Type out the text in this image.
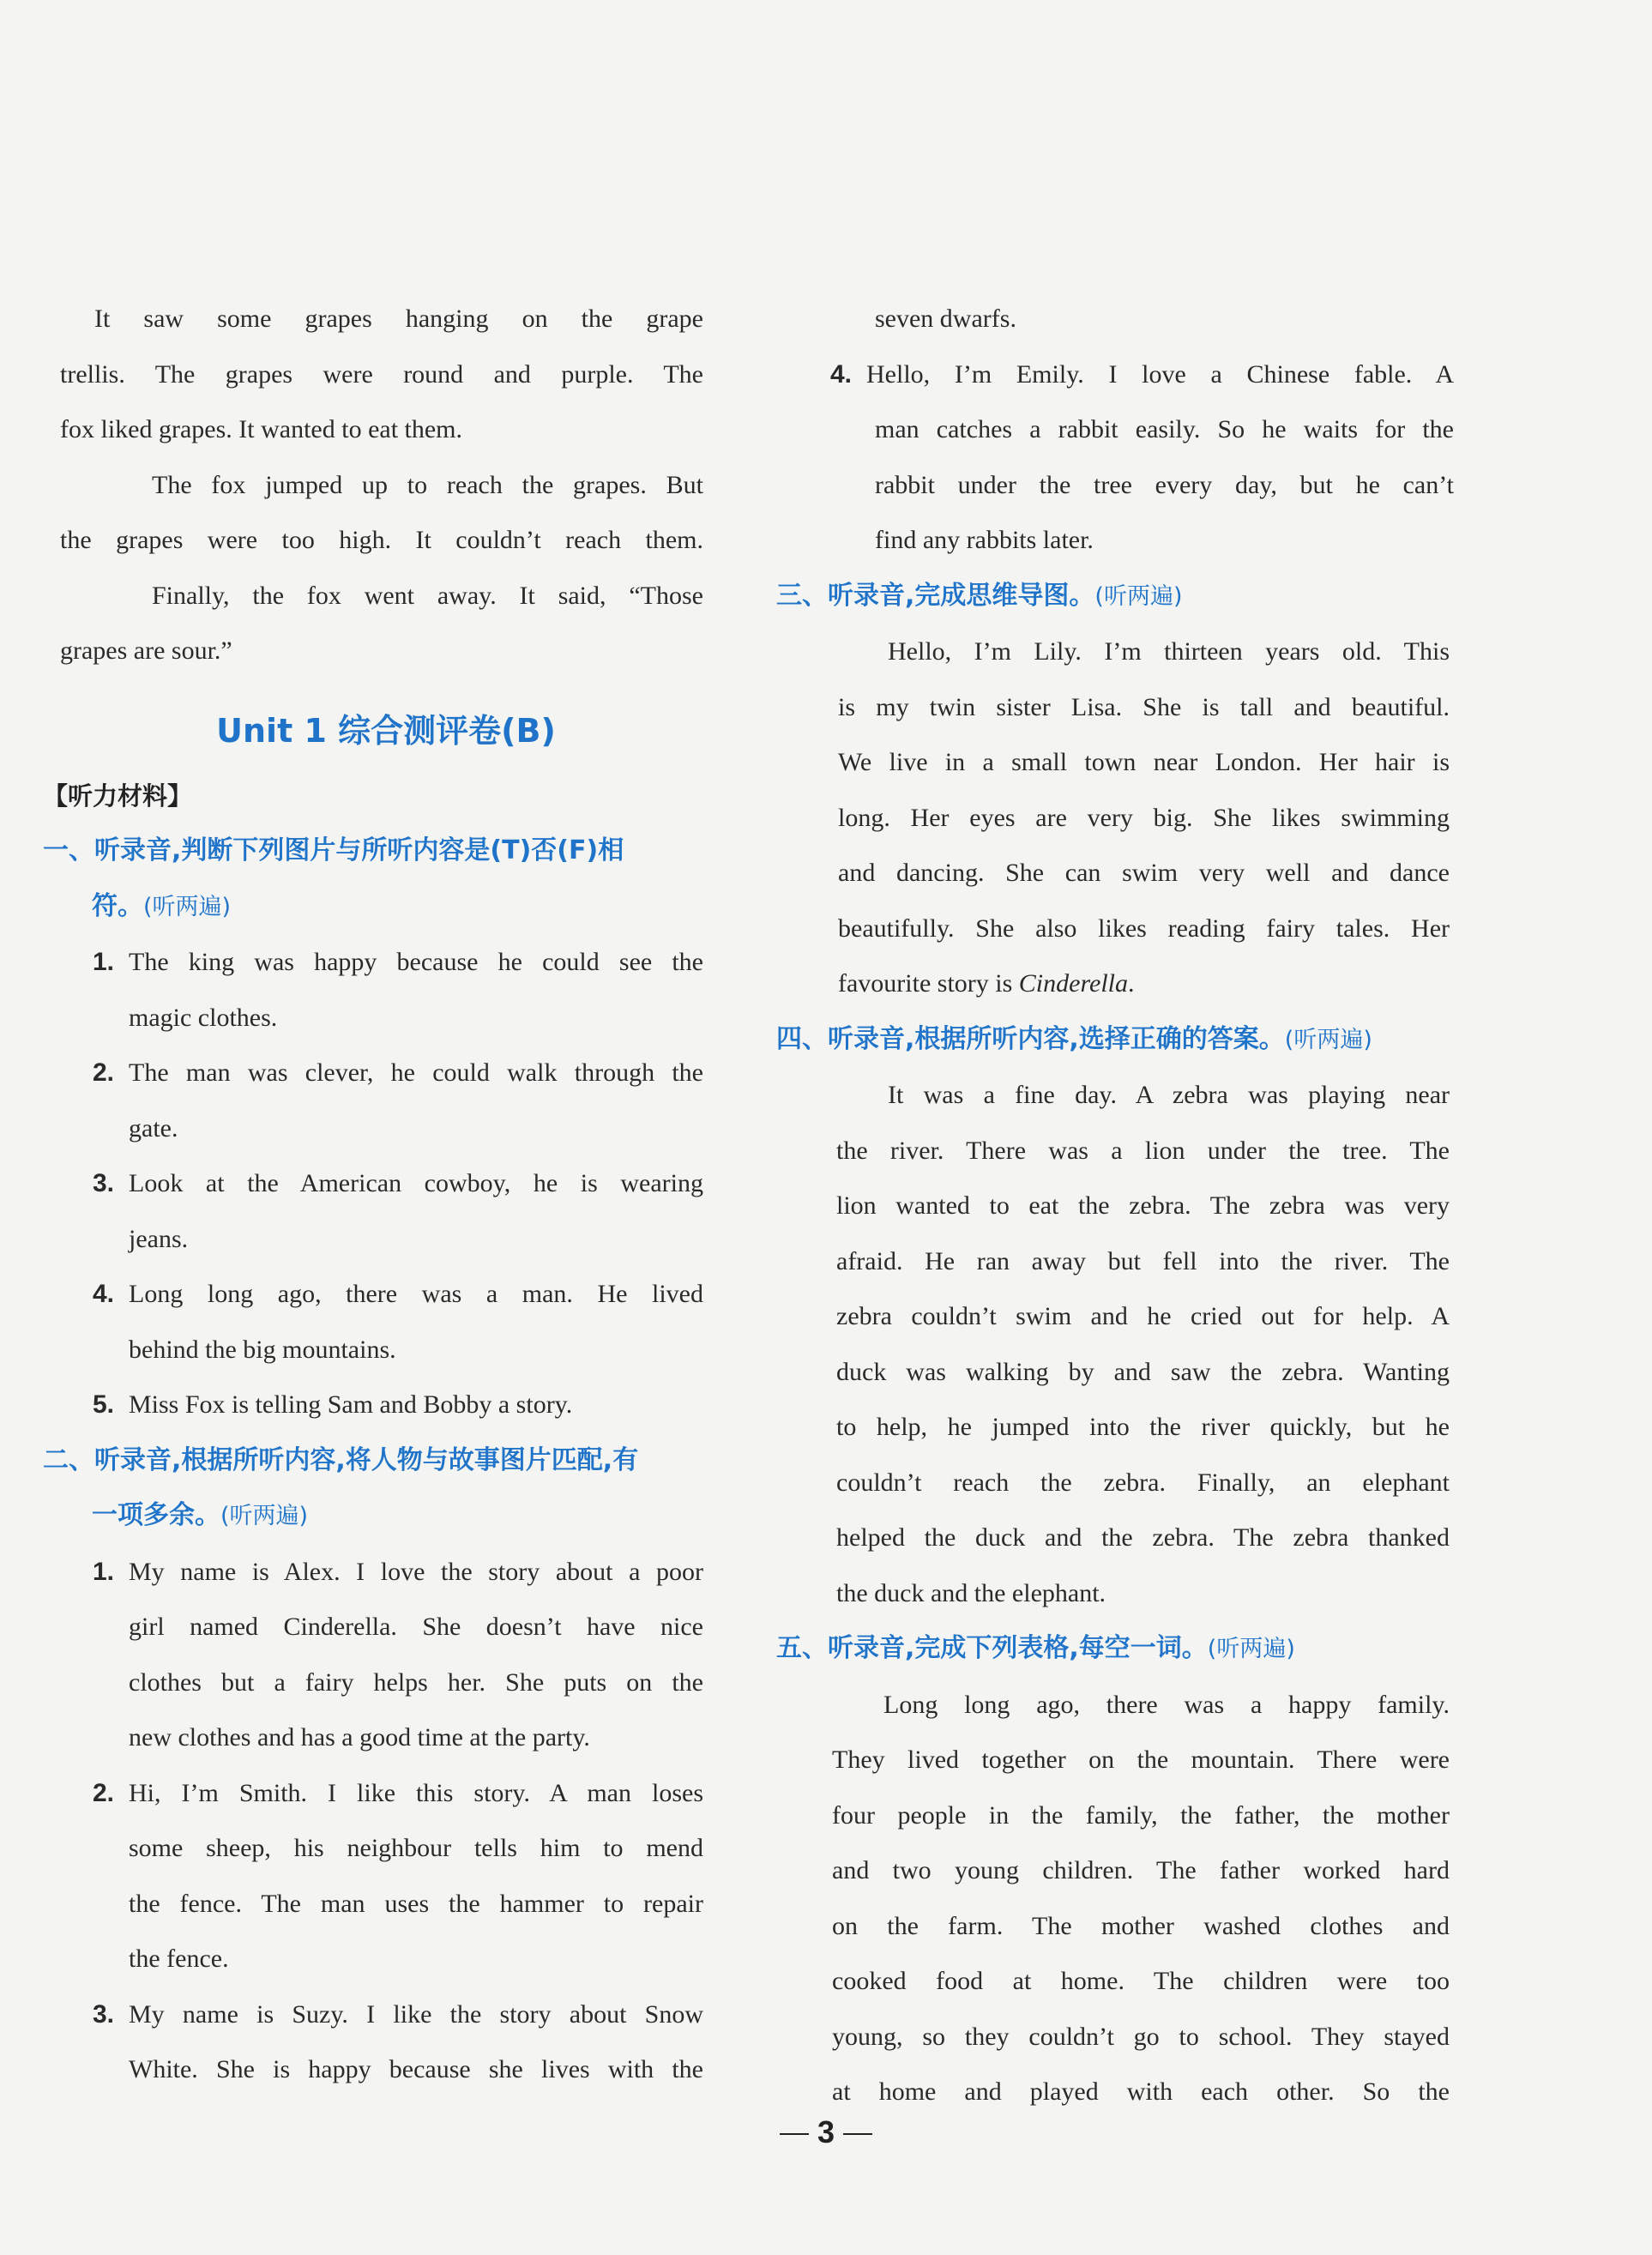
It saw some grapes hanging on the grape
trellis. The grapes were round and purple. The
fox liked grapes. It wanted to eat them.
The fox jumped up to reach the grapes. But
the grapes were too high. It couldn’t reach them.
Finally, the fox went away. It said, “Those
grapes are sour.”
Unit 1 综合测评卷(B)
【听力材料】
一、听录音,判断下列图片与所听内容是(T)否(F)相
符。(听两遍)
1. The king was happy because he could see the
magic clothes.
2. The man was clever, he could walk through the
gate.
3. Look at the American cowboy, he is wearing
jeans.
4. Long long ago, there was a man. He lived
behind the big mountains.
5. Miss Fox is telling Sam and Bobby a story.
二、听录音,根据所听内容,将人物与故事图片匹配,有
一项多余。(听两遍)
1. My name is Alex. I love the story about a poor
girl named Cinderella. She doesn’t have nice
clothes but a fairy helps her. She puts on the
new clothes and has a good time at the party.
2. Hi, I’m Smith. I like this story. A man loses
some sheep, his neighbour tells him to mend
the fence. The man uses the hammer to repair
the fence.
3. My name is Suzy. I like the story about Snow
White. She is happy because she lives with the
seven dwarfs.
4. Hello, I’m Emily. I love a Chinese fable. A
man catches a rabbit easily. So he waits for the
rabbit under the tree every day, but he can’t
find any rabbits later.
三、听录音,完成思维导图。(听两遍)
Hello, I’m Lily. I’m thirteen years old. This
is my twin sister Lisa. She is tall and beautiful.
We live in a small town near London. Her hair is
long. Her eyes are very big. She likes swimming
and dancing. She can swim very well and dance
beautifully. She also likes reading fairy tales. Her
favourite story is Cinderella.
四、听录音,根据所听内容,选择正确的答案。(听两遍)
It was a fine day. A zebra was playing near
the river. There was a lion under the tree. The
lion wanted to eat the zebra. The zebra was very
afraid. He ran away but fell into the river. The
zebra couldn’t swim and he cried out for help. A
duck was walking by and saw the zebra. Wanting
to help, he jumped into the river quickly, but he
couldn’t reach the zebra. Finally, an elephant
helped the duck and the zebra. The zebra thanked
the duck and the elephant.
五、听录音,完成下列表格,每空一词。(听两遍)
Long long ago, there was a happy family.
They lived together on the mountain. There were
four people in the family, the father, the mother
and two young children. The father worked hard
on the farm. The mother washed clothes and
cooked food at home. The children were too
young, so they couldn’t go to school. They stayed
at home and played with each other. So the
3
